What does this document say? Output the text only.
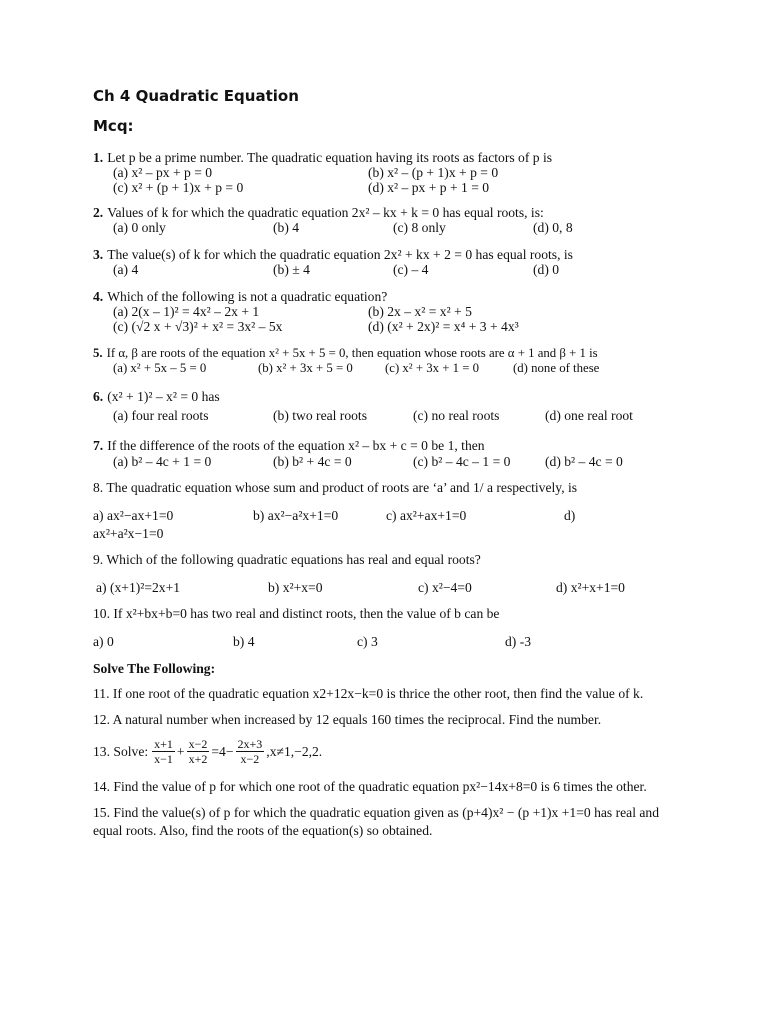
Ch 4 Quadratic Equation
Mcq:
1. Let p be a prime number. The quadratic equation having its roots as factors of p is
(a) x² – px + p = 0	(b) x² – (p + 1)x + p = 0
(c) x² + (p + 1)x + p = 0	(d) x² – px + p + 1 = 0
2. Values of k for which the quadratic equation 2x² – kx + k = 0 has equal roots, is:
(a) 0 only	(b) 4	(c) 8 only	(d) 0, 8
3. The value(s) of k for which the quadratic equation 2x² + kx + 2 = 0 has equal roots, is
(a) 4	(b) ± 4	(c) – 4	(d) 0
4. Which of the following is not a quadratic equation?
(a) 2(x – 1)² = 4x² – 2x + 1	(b) 2x – x² = x² + 5
(c) (√2 x + √3)² + x² = 3x² – 5x	(d) (x² + 2x)² = x⁴ + 3 + 4x³
5. If α, β are roots of the equation x² + 5x + 5 = 0, then equation whose roots are α + 1 and β + 1 is
(a) x² + 5x – 5 = 0	(b) x² + 3x + 5 = 0	(c) x² + 3x + 1 = 0	(d) none of these
6. (x² + 1)² – x² = 0 has
(a) four real roots	(b) two real roots	(c) no real roots	(d) one real root
7. If the difference of the roots of the equation x² – bx + c = 0 be 1, then
(a) b² – 4c + 1 = 0	(b) b² + 4c = 0	(c) b² – 4c – 1 = 0	(d) b² – 4c = 0
8. The quadratic equation whose sum and product of roots are ‘a’ and 1/ a respectively, is
a) ax²−ax+1=0	b) ax²−a²x+1=0	c) ax²+ax+1=0	d)
ax²+a²x−1=0
9. Which of the following quadratic equations has real and equal roots?
a) (x+1)²=2x+1	b) x²+x=0	c) x²−4=0	d) x²+x+1=0
10. If x²+bx+b=0 has two real and distinct roots, then the value of b can be
a) 0	b) 4	c) 3	d) -3
Solve The Following:
11. If one root of the quadratic equation x2+12x−k=0 is thrice the other root, then find the value of k.
12. A natural number when increased by 12 equals 160 times the reciprocal. Find the number.
13. Solve: $\frac{x+1}{x-1} + \frac{x-2}{x+2} =4- \frac{2x+3}{x-2} ,x\ne 1,-2,2$.
14. Find the value of p for which one root of the quadratic equation px²−14x+8=0 is 6 times the other.
15. Find the value(s) of p for which the quadratic equation given as (p+4)x² − (p +1)x +1=0 has real and equal roots. Also, find the roots of the equation(s) so obtained.
